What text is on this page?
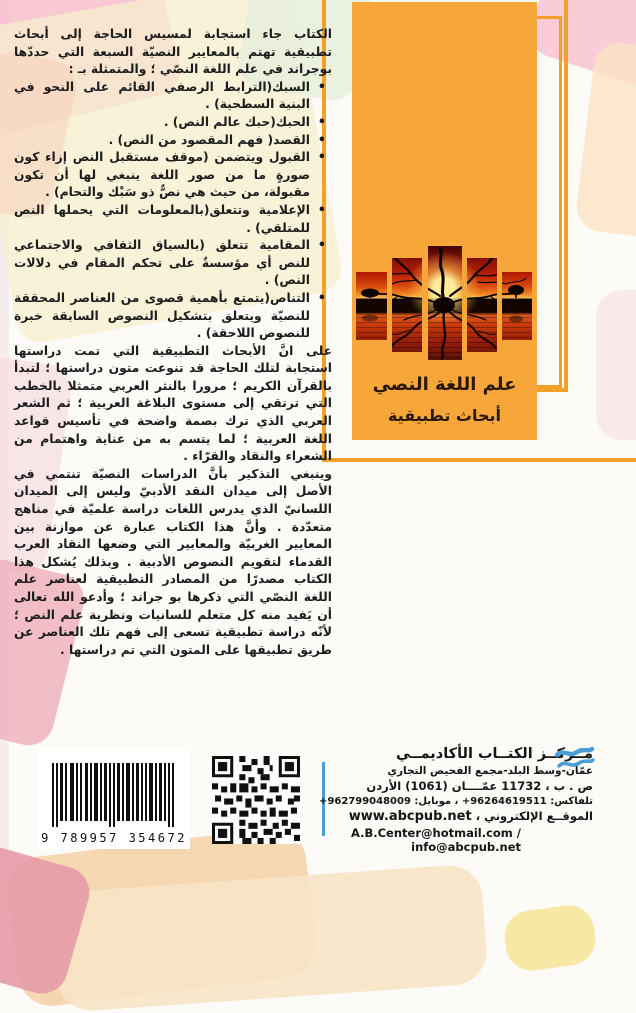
الكتاب جاء استجابة لمسيس الحاجة إلى أبحاث تطبيقية تهتم بالمعايير النصيّة السبعة التي حددّها بوجراند في علم اللغة النصّي ؛ والمتمثلة بـ :

• السبك(الترابط الرصفي القائم على النحو في البنية السطحية) .
• الحبك(حبك عالم النص) .
• القصد( فهم المقصود من النص) .
• القبول ويتضمن (موقف مستقبل النص إزاء كون صورةٍ ما من صور اللغة ينبغي لها أن تكون مقبولة، من حيث هي نصٌّ ذو سَبْك والتحام) .
• الإعلامية وتتعلق(بالمعلومات التي يحملها النص للمتلقي) .
• المقامية تتعلق (بالسياق الثقافي والاجتماعي للنص أي مؤسسةٌ على تحكم المقام في دلالات النص) .
• التناص(يتمتع بأهمية قصوى من العناصر المحققة للنصيّة ويتعلق بتشكيل النصوص السابقة خبرة للنصوص اللاحقة) .

على انَّ الأبحاث التطبيقية التي تمت دراستها استجابة لتلك الحاجة قد تنوعت متون دراستها ؛ لتبدأ بالقرآن الكريم ؛ مرورا بالنثر العربي متمثلا بالخطب التي ترتقي إلى مستوى البلاغة العربية ؛ ثم الشعر العربي الذي ترك بصمة واضحة في تأسيس قواعد اللغة العربية ؛ لما يتسم به من عناية واهتمام من الشعراء والنقاد والقرّاء .

وينبغي التذكير بأنَّ الدراسات النصيّة تنتمي في الأصل إلى ميدان النقد الأدبيّ وليس إلى الميدان اللسانيّ الذي يدرس اللغات دراسة علميّة في مناهج متعدّدة . وأنَّ هذا الكتاب عبارة عن موازنة بين المعايير الغربيّة والمعايير التي وضعها النقاد العرب القدماء لتقويم النصوص الأدبية . وبذلك يُشكل هذا الكتاب مصدرًا من المصادر التطبيقية لعناصر علم اللغة النصّي التي ذكرها بو جراند ؛ وأدعو الله تعالى أن يَفيد منه كل متعلم للسانيات ونظرية علم النص ؛ لأنّه دراسة تطبيقية تسعى إلى فهم تلك العناصر عن طريق تطبيقها على المتون التي تم دراستها .

علم اللغة النصي
أبحاث تطبيقية
9 789957 354672
مــركــز الكتــاب الأكاديمــي
عمّان-وسط البلد-مجمع الفحيص التجاري
ص . ب ، 11732 عمّــــان (1061) الأردن
تلفاكس: 96264619511+ ، موبايل: 962799048009+
الموقــع الإلكتروني ، www.abcpub.net
A.B.Center@hotmail.com / info@abcpub.net
